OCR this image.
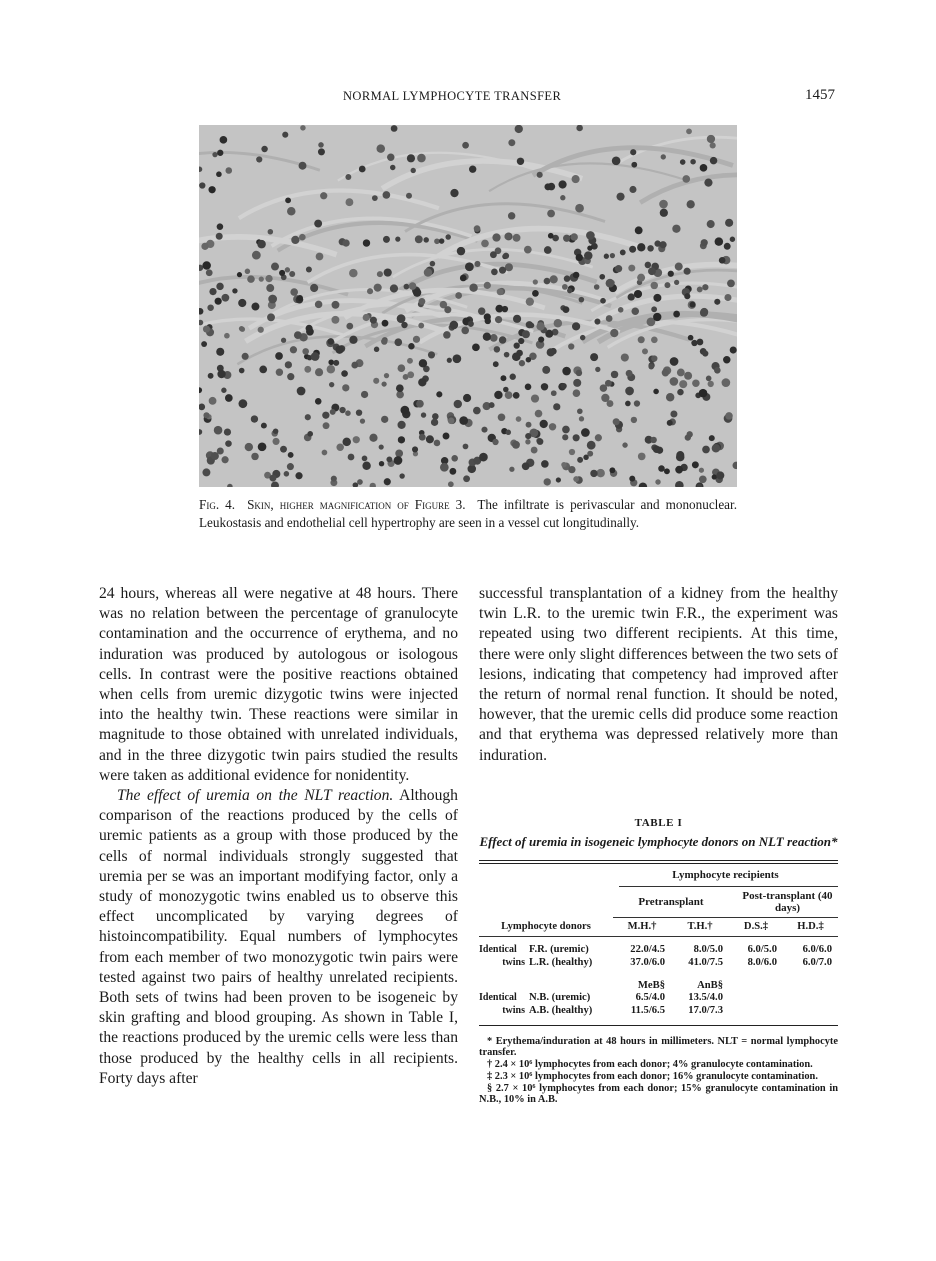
NORMAL LYMPHOCYTE TRANSFER	1457
Fig. 4. Skin, higher magnification of Figure 3. The infiltrate is perivascular and mononuclear. Leukostasis and endothelial cell hypertrophy are seen in a vessel cut longitudinally.

24 hours, whereas all were negative at 48 hours. There was no relation between the percentage of granulocyte contamination and the occurrence of erythema, and no induration was produced by autologous or isologous cells. In contrast were the positive reactions obtained when cells from uremic dizygotic twins were injected into the healthy twin. These reactions were similar in magnitude to those obtained with unrelated individuals, and in the three dizygotic twin pairs studied the results were taken as additional evidence for nonidentity.

The effect of uremia on the NLT reaction. Although comparison of the reactions produced by the cells of uremic patients as a group with those produced by the cells of normal individuals strongly suggested that uremia per se was an important modifying factor, only a study of monozygotic twins enabled us to observe this effect uncomplicated by varying degrees of histoincompatibility. Equal numbers of lymphocytes from each member of two monozygotic twin pairs were tested against two pairs of healthy unrelated recipients. Both sets of twins had been proven to be isogeneic by skin grafting and blood grouping. As shown in Table I, the reactions produced by the uremic cells were less than those produced by the healthy cells in all recipients. Forty days after

successful transplantation of a kidney from the healthy twin L.R. to the uremic twin F.R., the experiment was repeated using two different recipients. At this time, there were only slight differences between the two sets of lesions, indicating that competency had improved after the return of normal renal function. It should be noted, however, that the uremic cells did produce some reaction and that erythema was depressed relatively more than induration.

TABLE I
Effect of uremia in isogeneic lymphocyte donors on NLT reaction*
		Lymphocyte recipients			

		Pretransplant		Post-transplant (40 days)	
Lymphocyte donors		M.H.†	T.H.†	D.S.‡	H.D.‡

Identical	F.R. (uremic)	22.0/4.5	8.0/5.0	6.0/5.0	6.0/6.0
twins	L.R. (healthy)	37.0/6.0	41.0/7.5	8.0/6.0	6.0/7.0
		MeB§	AnB§		
Identical	N.B. (uremic)	6.5/4.0	13.5/4.0		
twins	A.B. (healthy)	11.5/6.5	17.0/7.3		

* Erythema/induration at 48 hours in millimeters. NLT = normal lymphocyte transfer.

† 2.4 × 10⁶ lymphocytes from each donor; 4% granulocyte contamination.

‡ 2.3 × 10⁶ lymphocytes from each donor; 16% granulocyte contamination.

§ 2.7 × 10⁶ lymphocytes from each donor; 15% granulocyte contamination in N.B., 10% in A.B.
